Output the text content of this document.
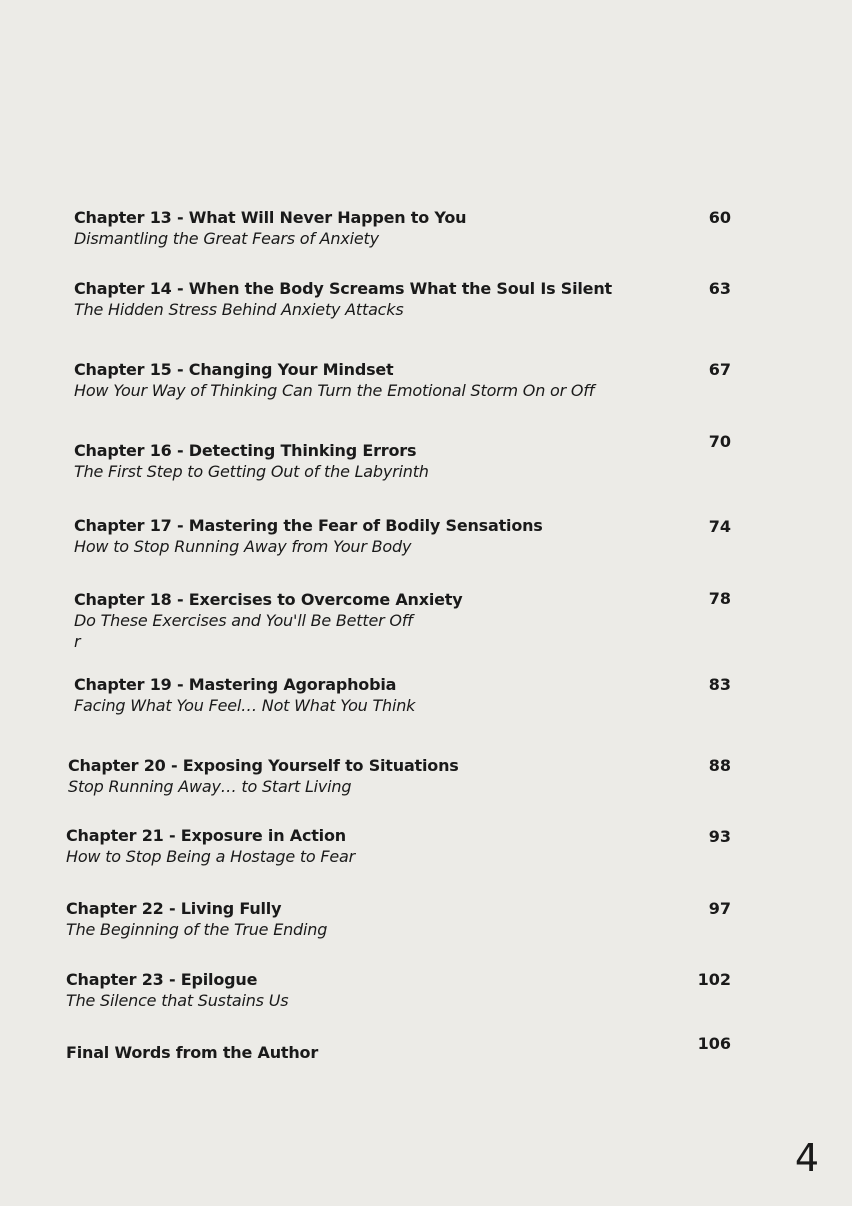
Chapter 13 - What Will Never Happen to You
Dismantling the Great Fears of Anxiety
60
Chapter 14 - When the Body Screams What the Soul Is Silent
The Hidden Stress Behind Anxiety Attacks
63
Chapter 15 - Changing Your Mindset
How Your Way of Thinking Can Turn the Emotional Storm On or Off
67
Chapter 16 - Detecting Thinking Errors
The First Step to Getting Out of the Labyrinth
70
Chapter 17 - Mastering the Fear of Bodily Sensations
How to Stop Running Away from Your Body
74
Chapter 18 - Exercises to Overcome Anxiety
Do These Exercises and You'll Be Better Off
r
78
Chapter 19 - Mastering Agoraphobia
Facing What You Feel… Not What You Think
83
Chapter 20 - Exposing Yourself to Situations
Stop Running Away… to Start Living
88
Chapter 21 - Exposure in Action
How to Stop Being a Hostage to Fear
93
Chapter 22 - Living Fully
The Beginning of the True Ending
97
Chapter 23 - Epilogue
The Silence that Sustains Us
102
Final Words from the Author	106
4
